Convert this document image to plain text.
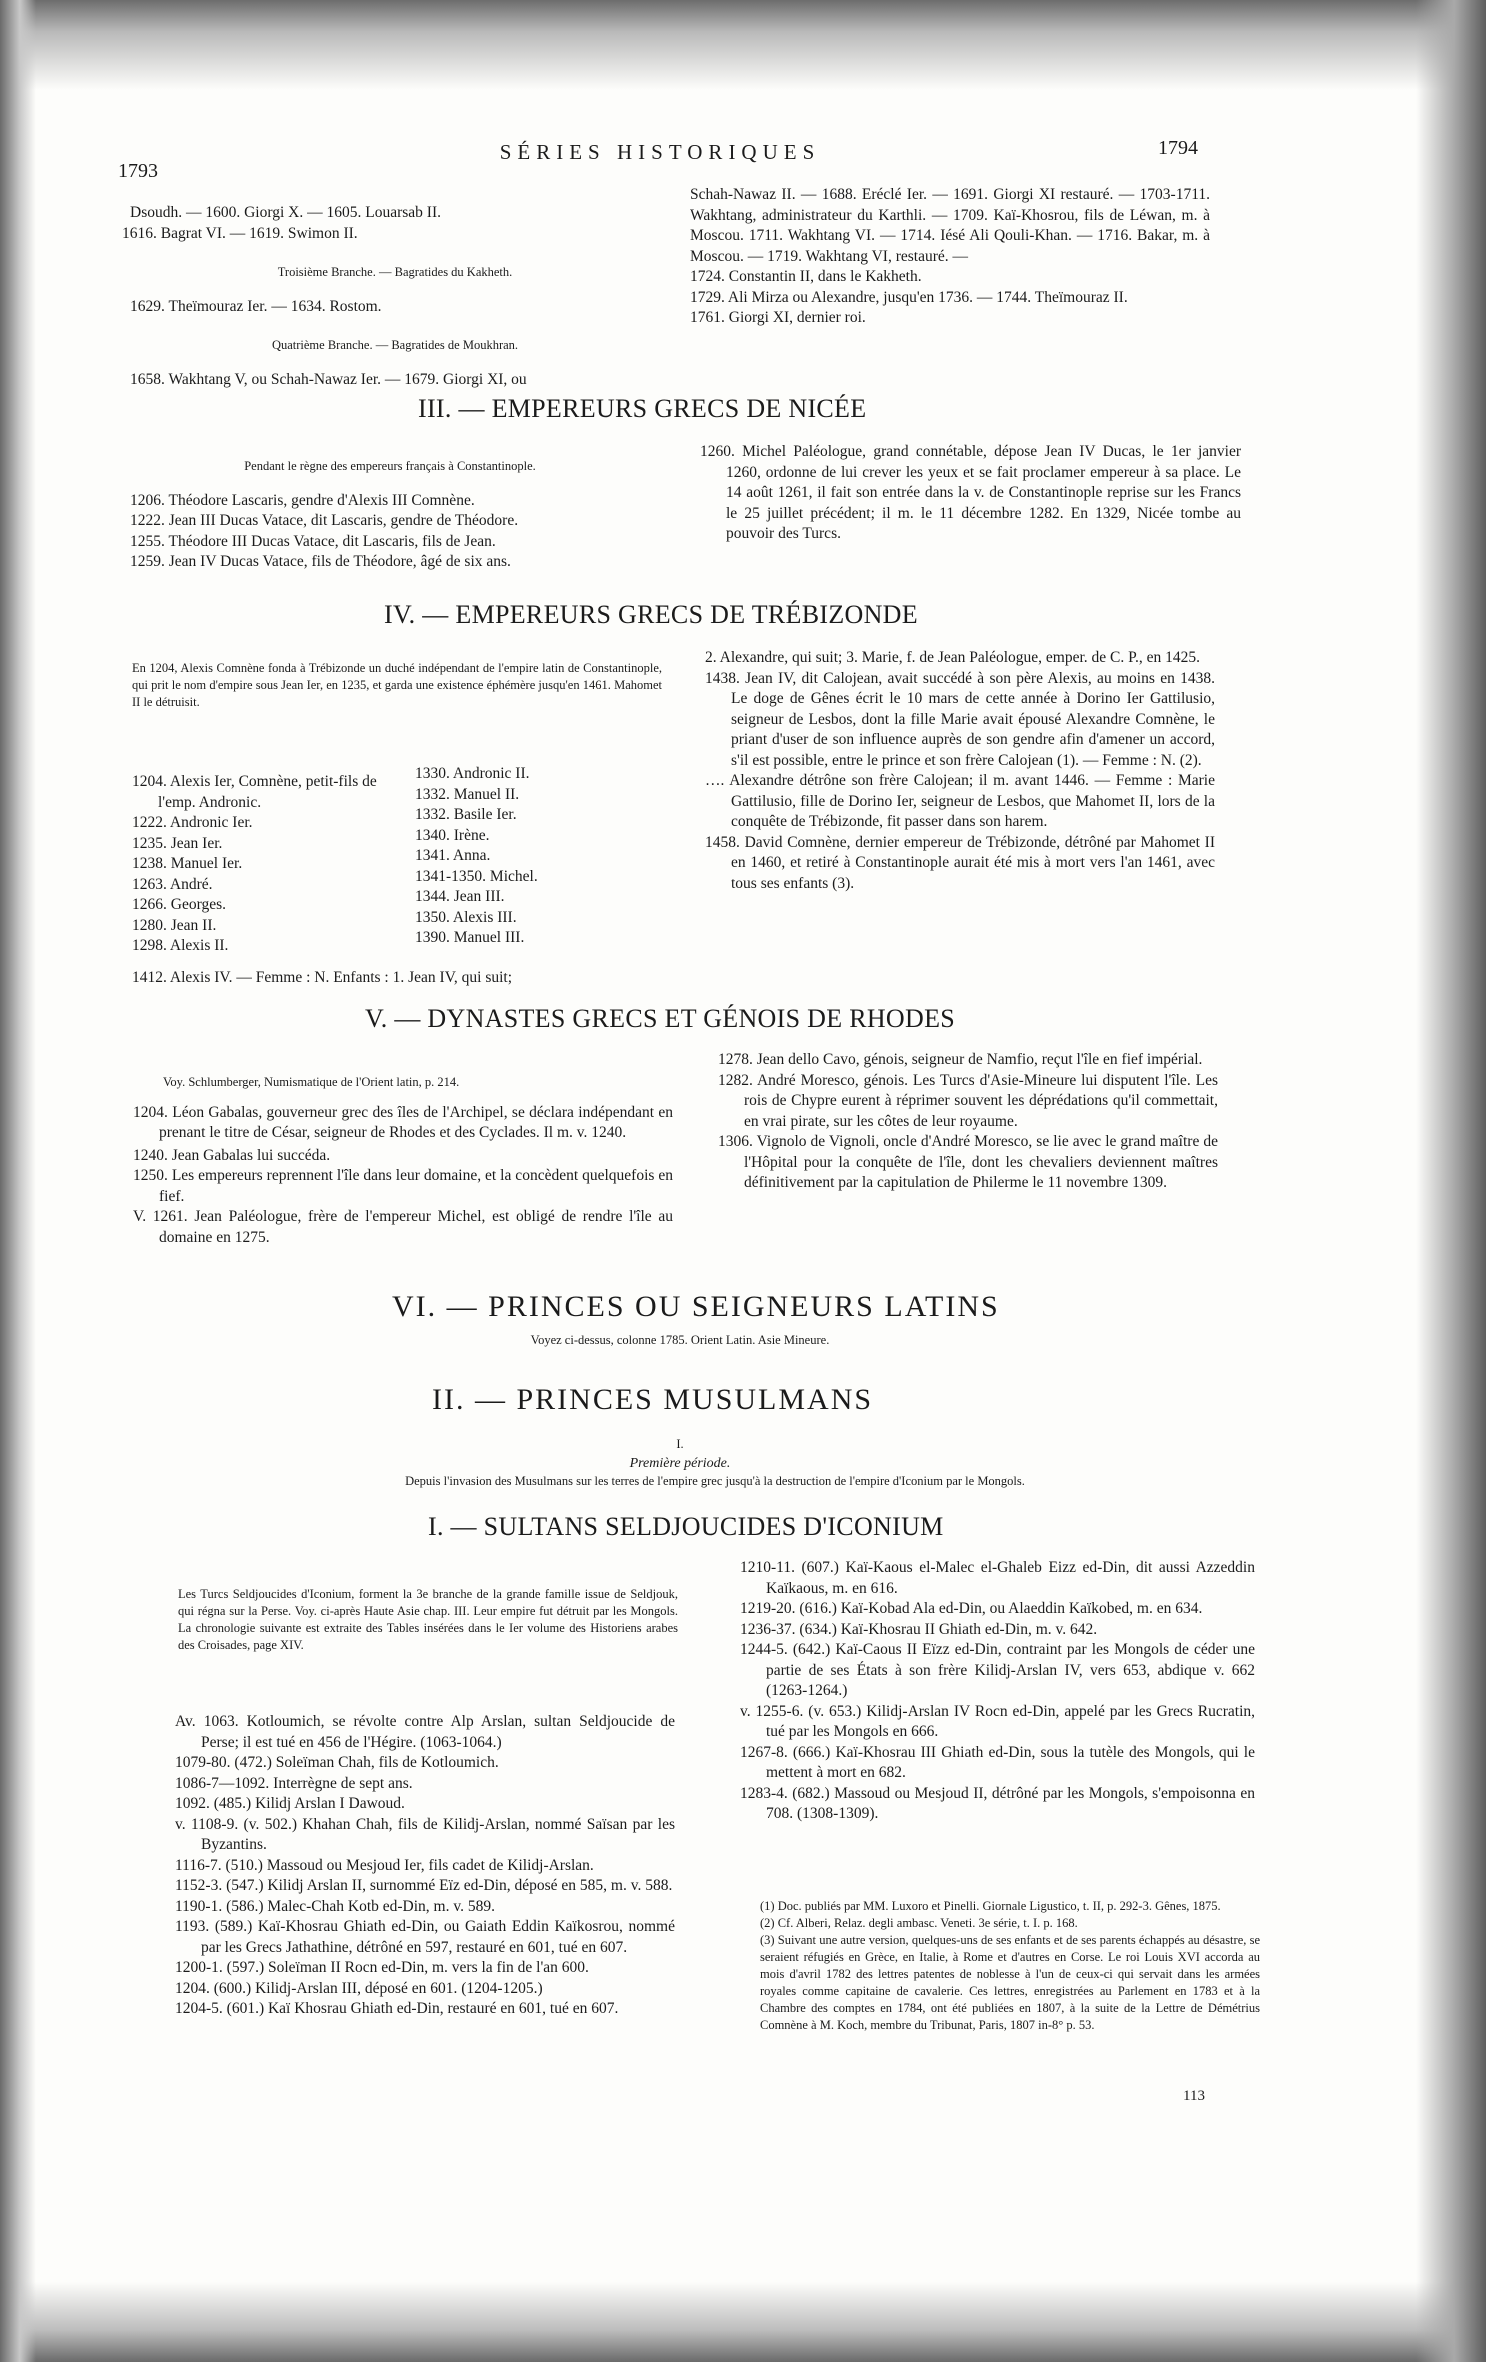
1793
SÉRIES HISTORIQUES	1794

Dsoudh. — 1600. Giorgi X. — 1605. Louarsab II.

1616. Bagrat VI. — 1619. Swimon II.

Troisième Branche. — Bagratides du Kakheth.

1629. Theïmouraz Ier. — 1634. Rostom.

Quatrième Branche. — Bagratides de Moukhran.

1658. Wakhtang V, ou Schah-Nawaz Ier. — 1679. Giorgi XI, ou

Schah-Nawaz II. — 1688. Eréclé Ier. — 1691. Giorgi XI restauré. — 1703-1711. Wakhtang, administrateur du Karthli. — 1709. Kaï-Khosrou, fils de Léwan, m. à Moscou. 1711. Wakhtang VI. — 1714. Iésé Ali Qouli-Khan. — 1716. Bakar, m. à Moscou. — 1719. Wakhtang VI, restauré. —

1724. Constantin II, dans le Kakheth.

1729. Ali Mirza ou Alexandre, jusqu'en 1736. — 1744. Theïmouraz II.

1761. Giorgi XI, dernier roi.

III. — EMPEREURS GRECS DE NICÉE

Pendant le règne des empereurs français à Constantinople.

1206. Théodore Lascaris, gendre d'Alexis III Comnène.

1222. Jean III Ducas Vatace, dit Lascaris, gendre de Théodore.

1255. Théodore III Ducas Vatace, dit Lascaris, fils de Jean.

1259. Jean IV Ducas Vatace, fils de Théodore, âgé de six ans.

1260. Michel Paléologue, grand connétable, dépose Jean IV Ducas, le 1er janvier 1260, ordonne de lui crever les yeux et se fait proclamer empereur à sa place. Le 14 août 1261, il fait son entrée dans la v. de Constantinople reprise sur les Francs le 25 juillet précédent; il m. le 11 décembre 1282. En 1329, Nicée tombe au pouvoir des Turcs.

IV. — EMPEREURS GRECS DE TRÉBIZONDE
En 1204, Alexis Comnène fonda à Trébizonde un duché indépendant de l'empire latin de Constantinople, qui prit le nom d'empire sous Jean Ier, en 1235, et garda une existence éphémère jusqu'en 1461. Mahomet II le détruisit.

1204. Alexis Ier, Comnène, petit-fils de l'emp. Andronic.

1222. Andronic Ier.

1235. Jean Ier.

1238. Manuel Ier.

1263. André.

1266. Georges.

1280. Jean II.

1298. Alexis II.

1330. Andronic II.

1332. Manuel II.

1332. Basile Ier.

1340. Irène.

1341. Anna.

1341-1350. Michel.

1344. Jean III.

1350. Alexis III.

1390. Manuel III.

1412. Alexis IV. — Femme : N. Enfants : 1. Jean IV, qui suit;

2. Alexandre, qui suit; 3. Marie, f. de Jean Paléologue, emper. de C. P., en 1425.

1438. Jean IV, dit Calojean, avait succédé à son père Alexis, au moins en 1438. Le doge de Gênes écrit le 10 mars de cette année à Dorino Ier Gattilusio, seigneur de Lesbos, dont la fille Marie avait épousé Alexandre Comnène, le priant d'user de son influence auprès de son gendre afin d'amener un accord, s'il est possible, entre le prince et son frère Calojean (1). — Femme : N. (2).

…. Alexandre détrône son frère Calojean; il m. avant 1446. — Femme : Marie Gattilusio, fille de Dorino Ier, seigneur de Lesbos, que Mahomet II, lors de la conquête de Trébizonde, fit passer dans son harem.

1458. David Comnène, dernier empereur de Trébizonde, détrôné par Mahomet II en 1460, et retiré à Constantinople aurait été mis à mort vers l'an 1461, avec tous ses enfants (3).

V. — DYNASTES GRECS ET GÉNOIS DE RHODES

Voy. Schlumberger, Numismatique de l'Orient latin, p. 214.

1204. Léon Gabalas, gouverneur grec des îles de l'Archipel, se déclara indépendant en prenant le titre de César, seigneur de Rhodes et des Cyclades. Il m. v. 1240.

1240. Jean Gabalas lui succéda.

1250. Les empereurs reprennent l'île dans leur domaine, et la concèdent quelquefois en fief.

V. 1261. Jean Paléologue, frère de l'empereur Michel, est obligé de rendre l'île au domaine en 1275.

1278. Jean dello Cavo, génois, seigneur de Namfio, reçut l'île en fief impérial.

1282. André Moresco, génois. Les Turcs d'Asie-Mineure lui disputent l'île. Les rois de Chypre eurent à réprimer souvent les déprédations qu'il commettait, en vrai pirate, sur les côtes de leur royaume.

1306. Vignolo de Vignoli, oncle d'André Moresco, se lie avec le grand maître de l'Hôpital pour la conquête de l'île, dont les chevaliers deviennent maîtres définitivement par la capitulation de Philerme le 11 novembre 1309.

VI. — PRINCES OU SEIGNEURS LATINS
Voyez ci-dessus, colonne 1785. Orient Latin. Asie Mineure.
II. — PRINCES MUSULMANS
I.
Première période.
Depuis l'invasion des Musulmans sur les terres de l'empire grec jusqu'à la destruction de l'empire d'Iconium par le Mongols.
I. — SULTANS SELDJOUCIDES D'ICONIUM
Les Turcs Seldjoucides d'Iconium, forment la 3e branche de la grande famille issue de Seldjouk, qui régna sur la Perse. Voy. ci-après Haute Asie chap. III. Leur empire fut détruit par les Mongols. La chronologie suivante est extraite des Tables insérées dans le Ier volume des Historiens arabes des Croisades, page XIV.

Av. 1063. Kotloumich, se révolte contre Alp Arslan, sultan Seldjoucide de Perse; il est tué en 456 de l'Hégire. (1063-1064.)

1079-80. (472.) Soleïman Chah, fils de Kotloumich.

1086-7—1092. Interrègne de sept ans.

1092. (485.) Kilidj Arslan I Dawoud.

v. 1108-9. (v. 502.) Khahan Chah, fils de Kilidj-Arslan, nommé Saïsan par les Byzantins.

1116-7. (510.) Massoud ou Mesjoud Ier, fils cadet de Kilidj-Arslan.

1152-3. (547.) Kilidj Arslan II, surnommé Eïz ed-Din, déposé en 585, m. v. 588.

1190-1. (586.) Malec-Chah Kotb ed-Din, m. v. 589.

1193. (589.) Kaï-Khosrau Ghiath ed-Din, ou Gaiath Eddin Kaïkosrou, nommé par les Grecs Jathathine, détrôné en 597, restauré en 601, tué en 607.

1200-1. (597.) Soleïman II Rocn ed-Din, m. vers la fin de l'an 600.

1204. (600.) Kilidj-Arslan III, déposé en 601. (1204-1205.)

1204-5. (601.) Kaï Khosrau Ghiath ed-Din, restauré en 601, tué en 607.

1210-11. (607.) Kaï-Kaous el-Malec el-Ghaleb Eizz ed-Din, dit aussi Azzeddin Kaïkaous, m. en 616.

1219-20. (616.) Kaï-Kobad Ala ed-Din, ou Alaeddin Kaïkobed, m. en 634.

1236-37. (634.) Kaï-Khosrau II Ghiath ed-Din, m. v. 642.

1244-5. (642.) Kaï-Caous II Eïzz ed-Din, contraint par les Mongols de céder une partie de ses États à son frère Kilidj-Arslan IV, vers 653, abdique v. 662 (1263-1264.)

v. 1255-6. (v. 653.) Kilidj-Arslan IV Rocn ed-Din, appelé par les Grecs Rucratin, tué par les Mongols en 666.

1267-8. (666.) Kaï-Khosrau III Ghiath ed-Din, sous la tutèle des Mongols, qui le mettent à mort en 682.

1283-4. (682.) Massoud ou Mesjoud II, détrôné par les Mongols, s'empoisonna en 708. (1308-1309).

(1) Doc. publiés par MM. Luxoro et Pinelli. Giornale Ligustico, t. II, p. 292-3. Gênes, 1875.

(2) Cf. Alberi, Relaz. degli ambasc. Veneti. 3e série, t. I. p. 168.

(3) Suivant une autre version, quelques-uns de ses enfants et de ses parents échappés au désastre, se seraient réfugiés en Grèce, en Italie, à Rome et d'autres en Corse. Le roi Louis XVI accorda au mois d'avril 1782 des lettres patentes de noblesse à l'un de ceux-ci qui servait dans les armées royales comme capitaine de cavalerie. Ces lettres, enregistrées au Parlement en 1783 et à la Chambre des comptes en 1784, ont été publiées en 1807, à la suite de la Lettre de Démétrius Comnène à M. Koch, membre du Tribunat, Paris, 1807 in-8° p. 53.

113
